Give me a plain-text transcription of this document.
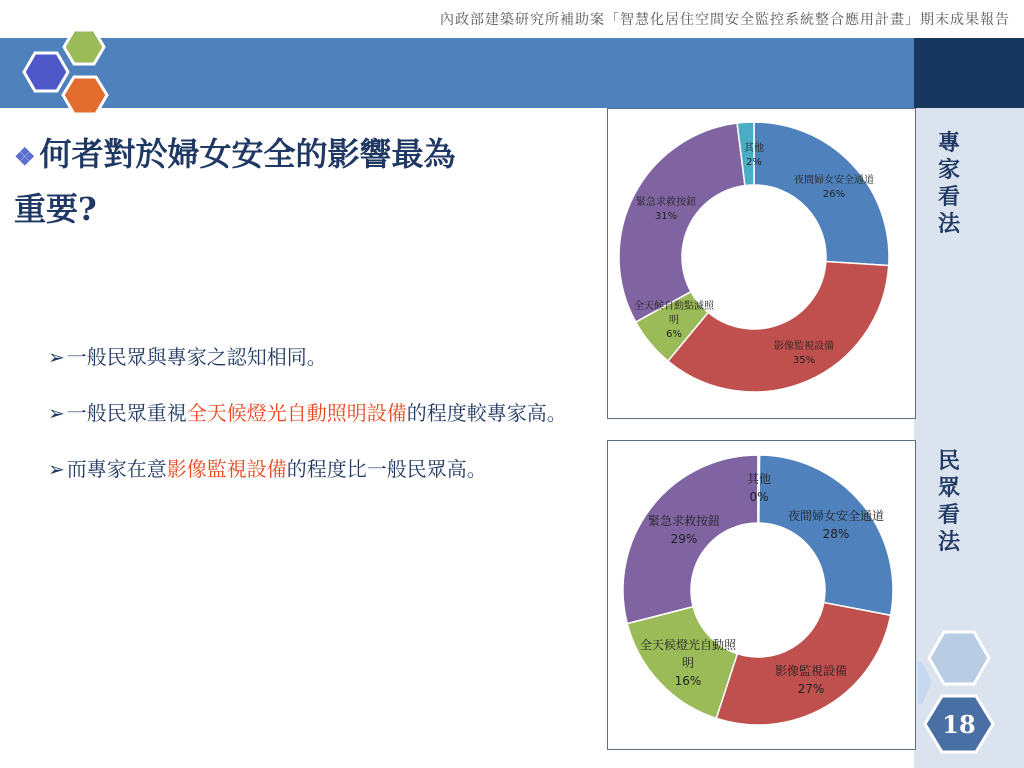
內政部建築研究所補助案「智慧化居住空間安全監控系統整合應用計畫」期末成果報告
❖ 何者對於婦女安全的影響最為
重要?
➢ 一般民眾與專家之認知相同。
➢ 一般民眾重視全天候燈光自動照明設備的程度較專家高。
➢ 而專家在意影像監視設備的程度比一般民眾高。
夜間婦女安全通道 26%
影像監視設備 35%
全天候自動點滅照明 6%
緊急求救按鈕 31%
其他 2%
夜間婦女安全通道 28%
影像監視設備 27%
全天候燈光自動照明 16%
緊急求救按鈕 29%
其他 0%
專家看法
民眾看法
18
